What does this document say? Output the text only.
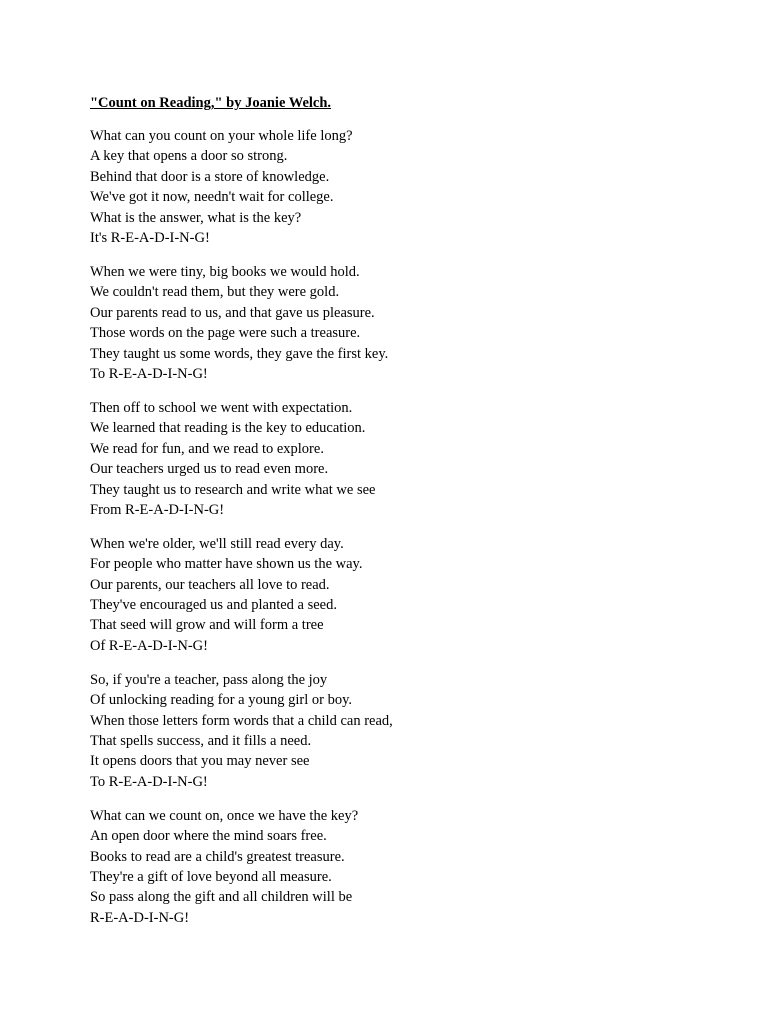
"Count on Reading," by Joanie Welch.
What can you count on your whole life long?
A key that opens a door so strong.
Behind that door is a store of knowledge.
We've got it now, needn't wait for college.
What is the answer, what is the key?
It's R-E-A-D-I-N-G!
When we were tiny, big books we would hold.
We couldn't read them, but they were gold.
Our parents read to us, and that gave us pleasure.
Those words on the page were such a treasure.
They taught us some words, they gave the first key.
To R-E-A-D-I-N-G!
Then off to school we went with expectation.
We learned that reading is the key to education.
We read for fun, and we read to explore.
Our teachers urged us to read even more.
They taught us to research and write what we see
From R-E-A-D-I-N-G!
When we're older, we'll still read every day.
For people who matter have shown us the way.
Our parents, our teachers all love to read.
They've encouraged us and planted a seed.
That seed will grow and will form a tree
Of R-E-A-D-I-N-G!
So, if you're a teacher, pass along the joy
Of unlocking reading for a young girl or boy.
When those letters form words that a child can read,
That spells success, and it fills a need.
It opens doors that you may never see
To R-E-A-D-I-N-G!
What can we count on, once we have the key?
An open door where the mind soars free.
Books to read are a child's greatest treasure.
They're a gift of love beyond all measure.
So pass along the gift and all children will be
R-E-A-D-I-N-G!
